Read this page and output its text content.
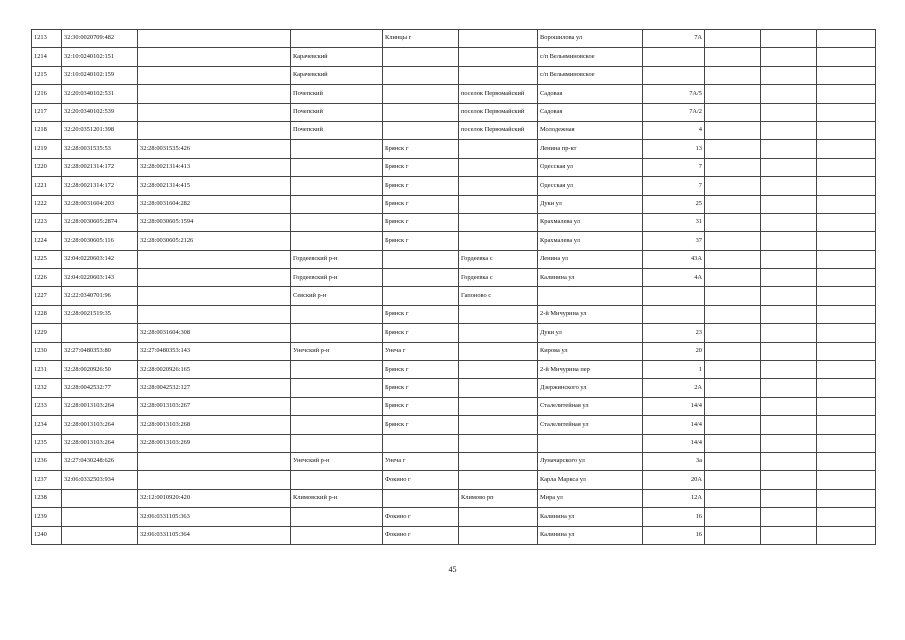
1213	32:30:0020709:482			Клинцы г		Ворошилова ул	7А			
1214	32:10:0240102:151		Карачевский			с/п Вельяминовское				
1215	32:10:0240102:159		Карачевский			с/п Вельяминовское				
1216	32:20:0340102:531		Почепский		поселок Первомайский	Садовая	7А/5			
1217	32:20:0340102:539		Почепский		поселок Первомайский	Садовая	7А/2			
1218	32:20:0351201:398		Почепский		поселок Первомайский	Молодежная	4			
1219	32:28:0031535:53	32:28:0031535:426		Брянск г		Ленина пр-кт	13			
1220	32:28:0021314:172	32:28:0021314:413		Брянск г		Одесская ул	7			
1221	32:28:0021314:172	32:28:0021314:415		Брянск г		Одесская ул	7			
1222	32:28:0031604:203	32:28:0031604:282		Брянск г		Дуки ул	25			
1223	32:28:0030605:2874	32:28:0030605:1594		Брянск г		Крахмалева ул	31			
1224	32:28:0030605:116	32:28:0030605:2126		Брянск г		Крахмалева ул	37			
1225	32:04:0220603:142		Гордеевский р-н		Гордеевка с	Ленина ул	43А			
1226	32:04:0220603:143		Гордеевский р-н		Гордеевка с	Калинина ул	4А			
1227	32:22:0340701:96		Севский р-н		Гапоново с					
1228	32:28:0021519:35			Брянск г		2-й Мичурина ул				
1229		32:28:0031604:308		Брянск г		Дуки ул	23			
1230	32:27:0480353:80	32:27:0480353:143	Унечский р-н	Унеча г		Кирова ул	20			
1231	32:28:0020926:50	32:28:0020926:165		Брянск г		2-й Мичурина пер	1			
1232	32:28:0042532:77	32:28:0042532:127		Брянск г		Дзержинского ул	2А			
1233	32:28:0013103:264	32:28:0013103:267		Брянск г		Сталелитейная ул	14/4			
1234	32:28:0013103:264	32:28:0013103:268		Брянск г		Сталелитейная ул	14/4			
1235	32:28:0013103:264	32:28:0013103:269					14/4			
1236	32:27:0430248:626		Унечский р-н	Унеча г		Луначарского ул	3а			
1237	32:06:0332503:934			Фокино г		Карла Маркса ул	20А			
1238		32:12:0010920:420	Климовский р-н		Климово рп	Мира ул	12А			
1239		32:06:0331105:363		Фокино г		Калинина ул	16			
1240		32:06:0331105:364		Фокино г		Калинина ул	16			
45
